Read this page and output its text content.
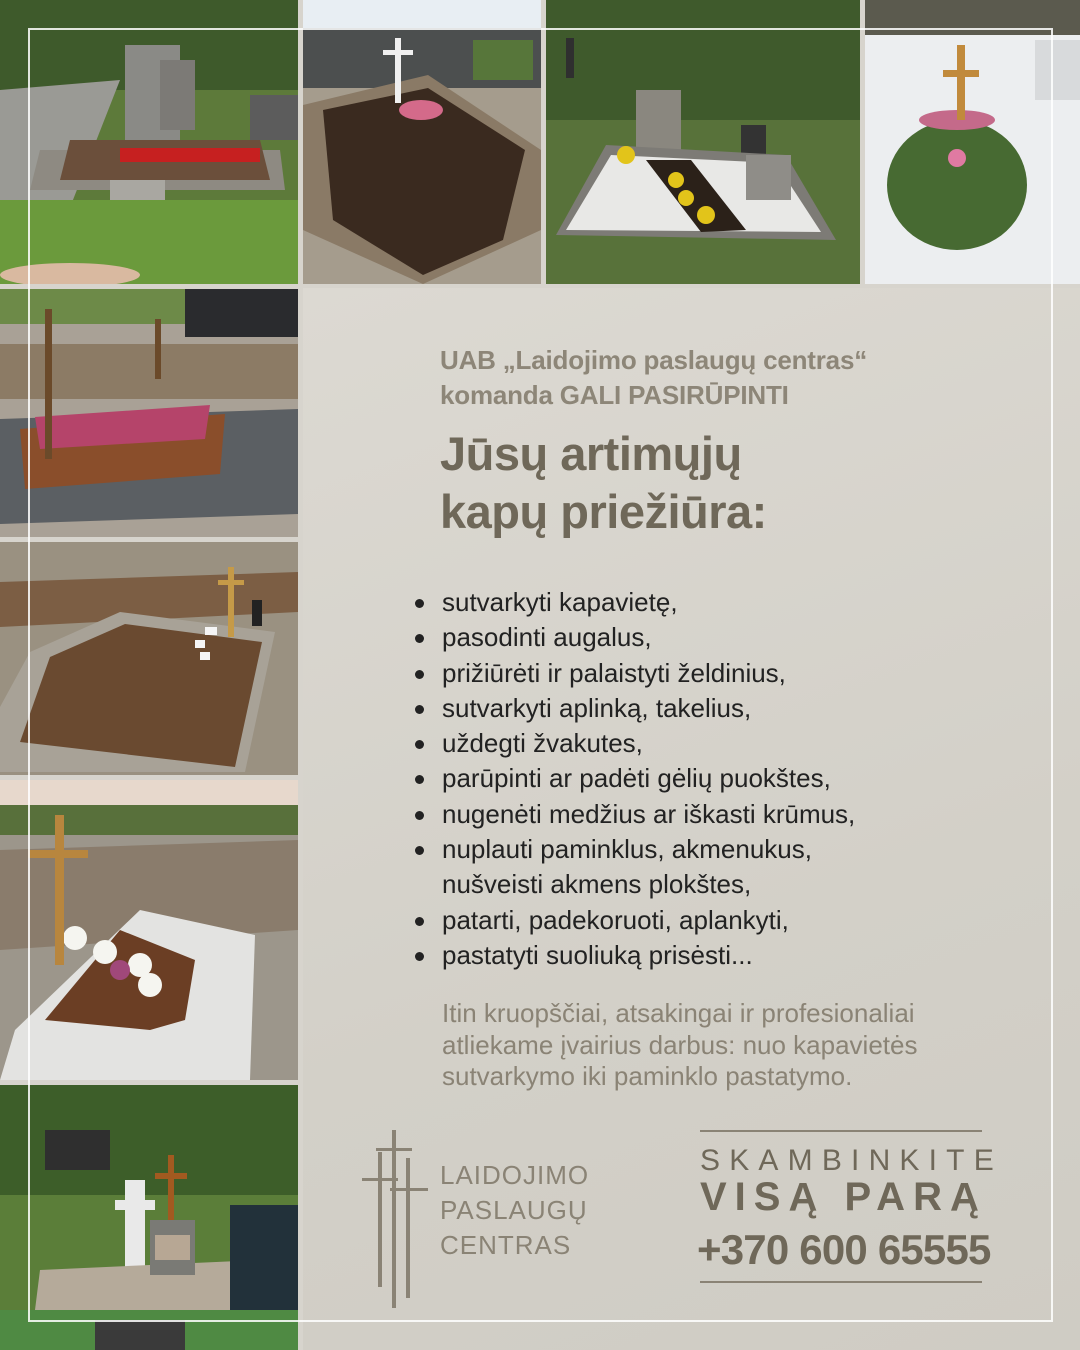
UAB „Laidojimo paslaugų centras“
komanda GALI PASIRŪPINTI
Jūsų artimųjų
kapų priežiūra:
sutvarkyti kapavietę,
pasodinti augalus,
prižiūrėti ir palaistyti želdinius,
sutvarkyti aplinką, takelius,
uždegti žvakutes,
parūpinti ar padėti gėlių puokštes,
nugenėti medžius ar iškasti krūmus,
nuplauti paminklus, akmenukus,
nušveisti akmens plokštes,
patarti, padekoruoti, aplankyti,
pastatyti suoliuką prisėsti...
Itin kruopščiai, atsakingai ir profesionaliai
atliekame įvairius darbus: nuo kapavietės
sutvarkymo iki paminklo pastatymo.
LAIDOJIMO
PASLAUGŲ
CENTRAS
SKAMBINKITE
VISĄ PARĄ
+370 600 65555
